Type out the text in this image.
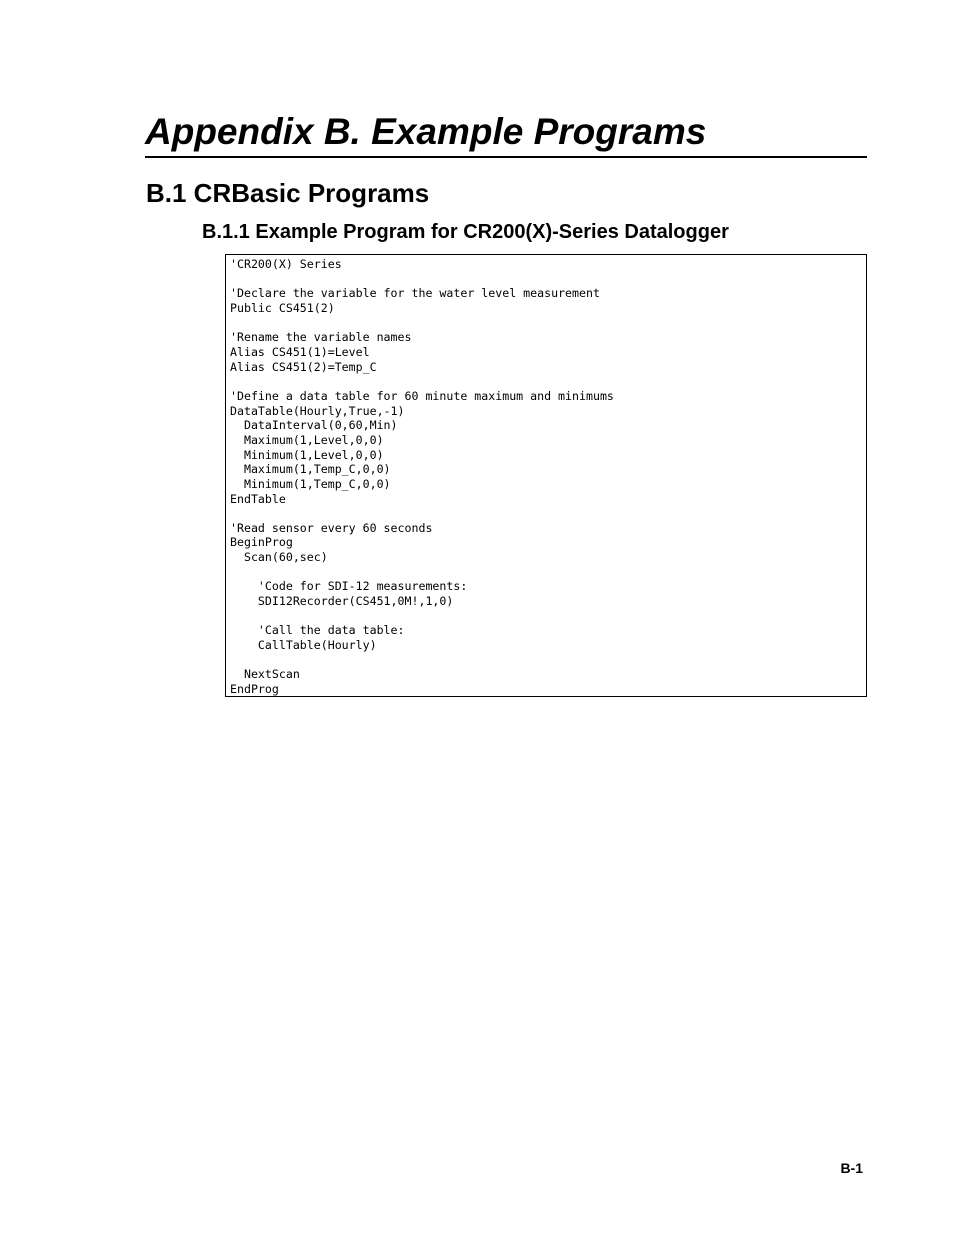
Appendix B. Example Programs
B.1 CRBasic Programs
B.1.1 Example Program for CR200(X)-Series Datalogger
'CR200(X) Series

'Declare the variable for the water level measurement
Public CS451(2)

'Rename the variable names
Alias CS451(1)=Level
Alias CS451(2)=Temp_C

'Define a data table for 60 minute maximum and minimums
DataTable(Hourly,True,-1)
DataInterval(0,60,Min)
Maximum(1,Level,0,0)
Minimum(1,Level,0,0)
Maximum(1,Temp_C,0,0)
Minimum(1,Temp_C,0,0)
EndTable

'Read sensor every 60 seconds
BeginProg
Scan(60,sec)

'Code for SDI-12 measurements:
SDI12Recorder(CS451,0M!,1,0)

'Call the data table:
CallTable(Hourly)

NextScan
EndProg
B-1
